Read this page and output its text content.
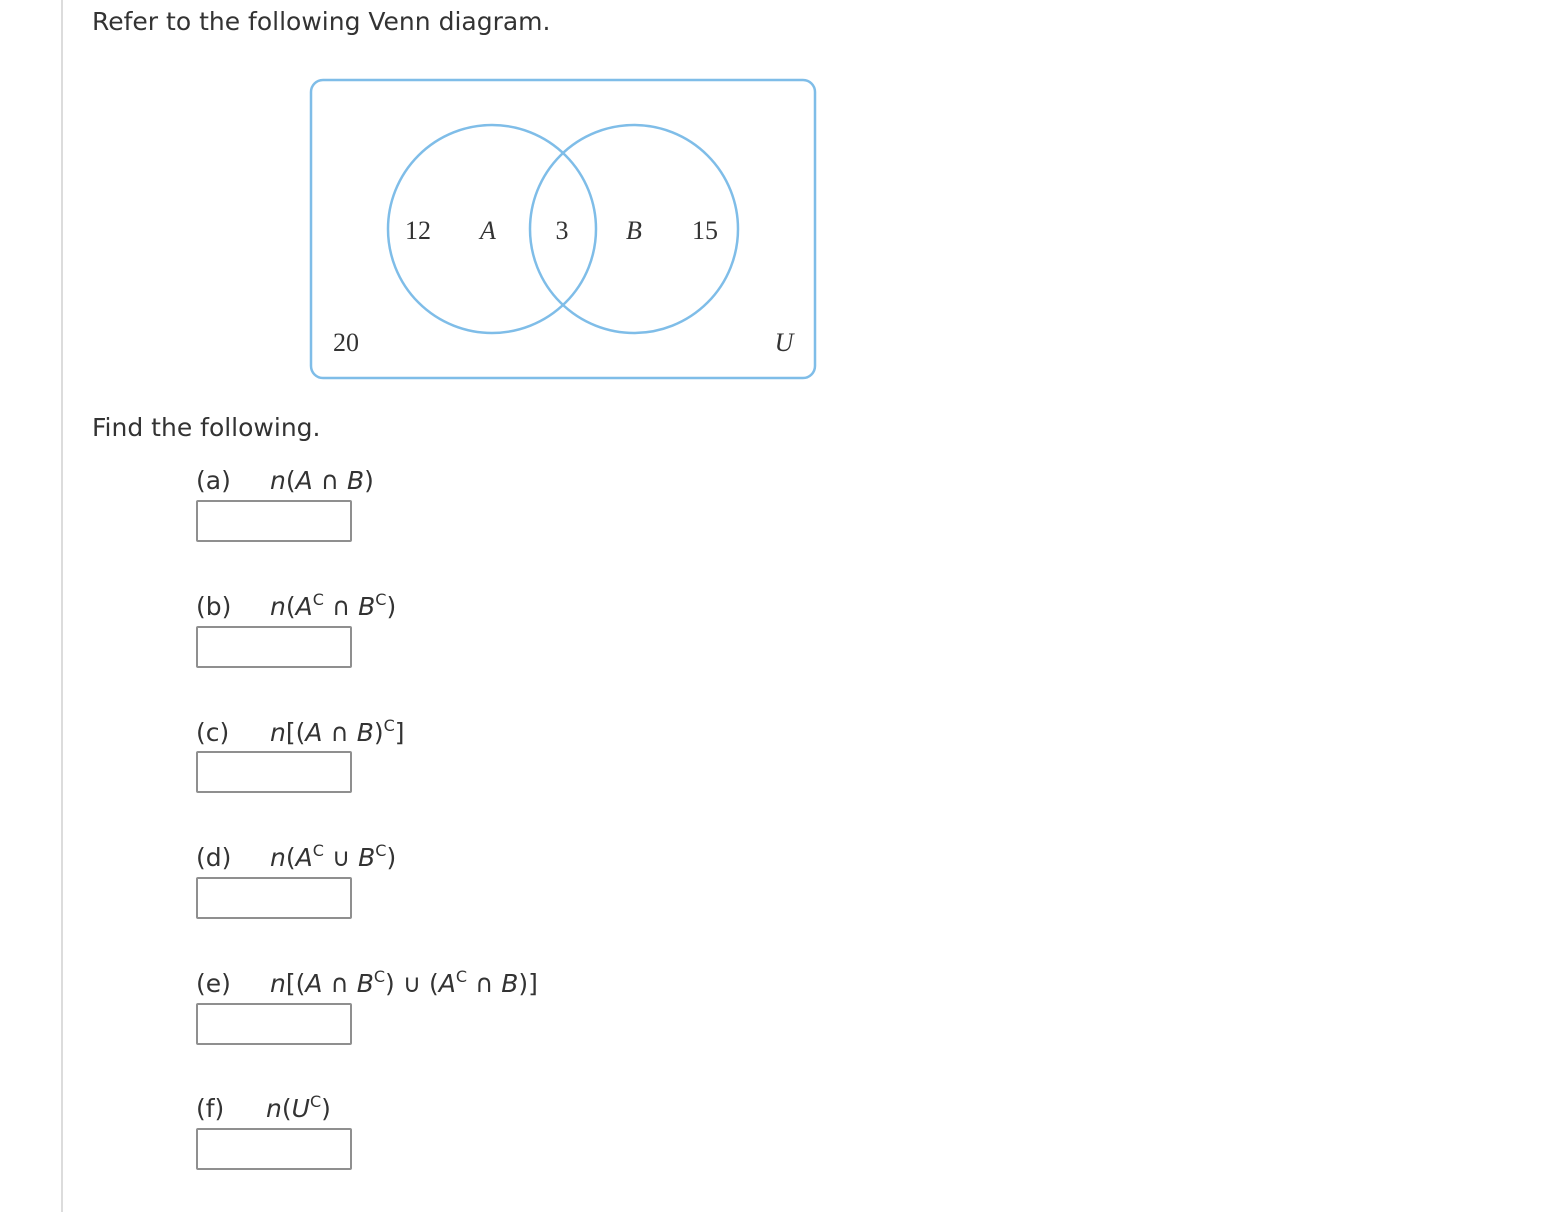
Refer to the following Venn diagram.
12 A 3 B 15
20	U
Find the following.
(a) n(A ∩ B)
(b) $n(A^C$ ∩ $B^C$)
(c) n[(A ∩ B)$^C$]
(d) $n(A^C$ ∪ $B^C$)
(e) n[(A ∩ $B^C$) ∪ ($A^C$ ∩ B)]
(f) $n(U^C)$
